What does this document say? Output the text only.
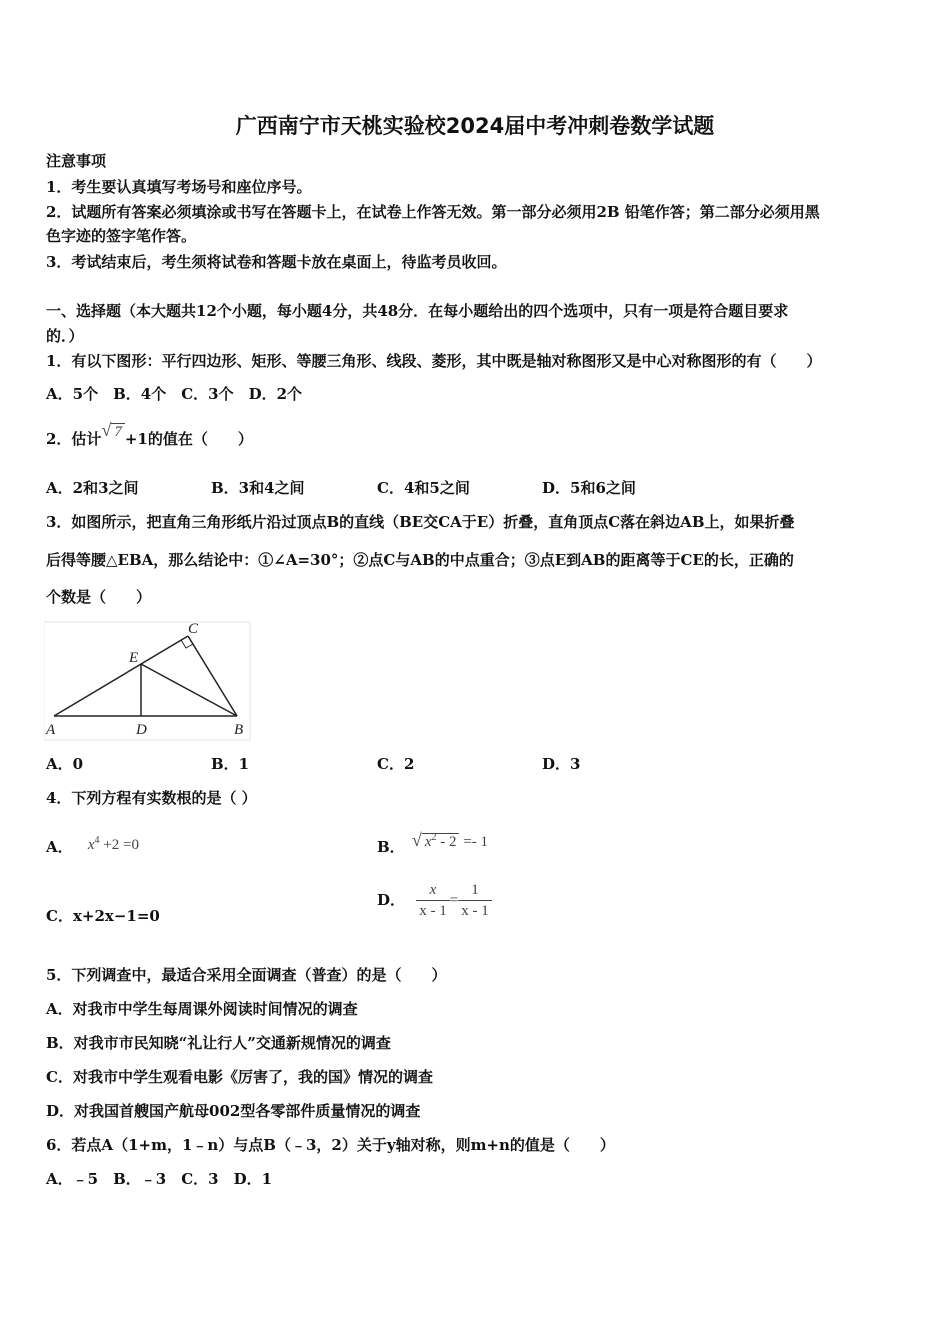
广西南宁市天桃实验校2024届中考冲刺卷数学试题
注意事项
1．考生要认真填写考场号和座位序号。
2．试题所有答案必须填涂或书写在答题卡上，在试卷上作答无效。第一部分必须用2B 铅笔作答；第二部分必须用黑
色字迹的签字笔作答。
3．考试结束后，考生须将试卷和答题卡放在桌面上，待监考员收回。
一、选择题（本大题共12个小题，每小题4分，共48分．在每小题给出的四个选项中，只有一项是符合题目要求
的．）
1．有以下图形：平行四边形、矩形、等腰三角形、线段、菱形，其中既是轴对称图形又是中心对称图形的有（　　）
A．5个　B．4个　C．3个　D．2个
2．估计√ 7 +1的值在（　　）
A．2和3之间	B．3和4之间	C．4和5之间	D．5和6之间
3．如图所示，把直角三角形纸片沿过顶点B的直线（BE交CA于E）折叠，直角顶点C落在斜边AB上，如果折叠
后得等腰△EBA，那么结论中：①∠A=30°；②点C与AB的中点重合；③点E到AB的距离等于CE的长，正确的
个数是（　　）
A	D	B
C
E
A．0	B．1	C．2	D．3
4．下列方程有实数根的是（ ）
A． $x^4 +2 =0$	B． √ $x^2 - 2 =- 1$
C．x+2x−1=0
D． $\frac{x}{x - 1} = \frac{1}{x - 1}$
5．下列调查中，最适合采用全面调查（普查）的是（　　）
A．对我市中学生每周课外阅读时间情况的调查
B．对我市市民知晓“礼让行人”交通新规情况的调查
C．对我市中学生观看电影《厉害了，我的国》情况的调查
D．对我国首艘国产航母002型各零部件质量情况的调查
6．若点A（1+m，1﹣n）与点B（﹣3，2）关于y轴对称，则m+n的值是（　　）
A．﹣5　B．﹣3　C．3　D．1
